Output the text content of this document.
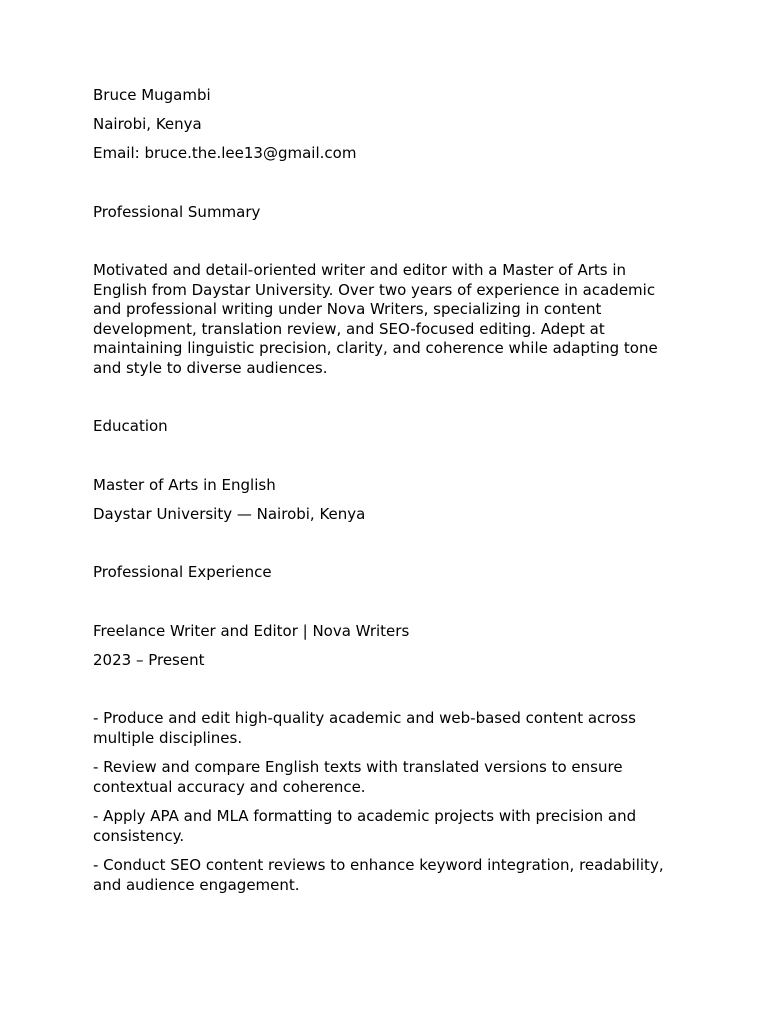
Bruce Mugambi

Nairobi, Kenya

Email: bruce.the.lee13@gmail.com

Professional Summary

Motivated and detail-oriented writer and editor with a Master of Arts in English from Daystar University. Over two years of experience in academic and professional writing under Nova Writers, specializing in content development, translation review, and SEO-focused editing. Adept at maintaining linguistic precision, clarity, and coherence while adapting tone and style to diverse audiences.

Education

Master of Arts in English

Daystar University — Nairobi, Kenya

Professional Experience

Freelance Writer and Editor | Nova Writers

2023 – Present

- Produce and edit high-quality academic and web-based content across multiple disciplines.

- Review and compare English texts with translated versions to ensure contextual accuracy and coherence.

- Apply APA and MLA formatting to academic projects with precision and consistency.

- Conduct SEO content reviews to enhance keyword integration, readability, and audience engagement.
